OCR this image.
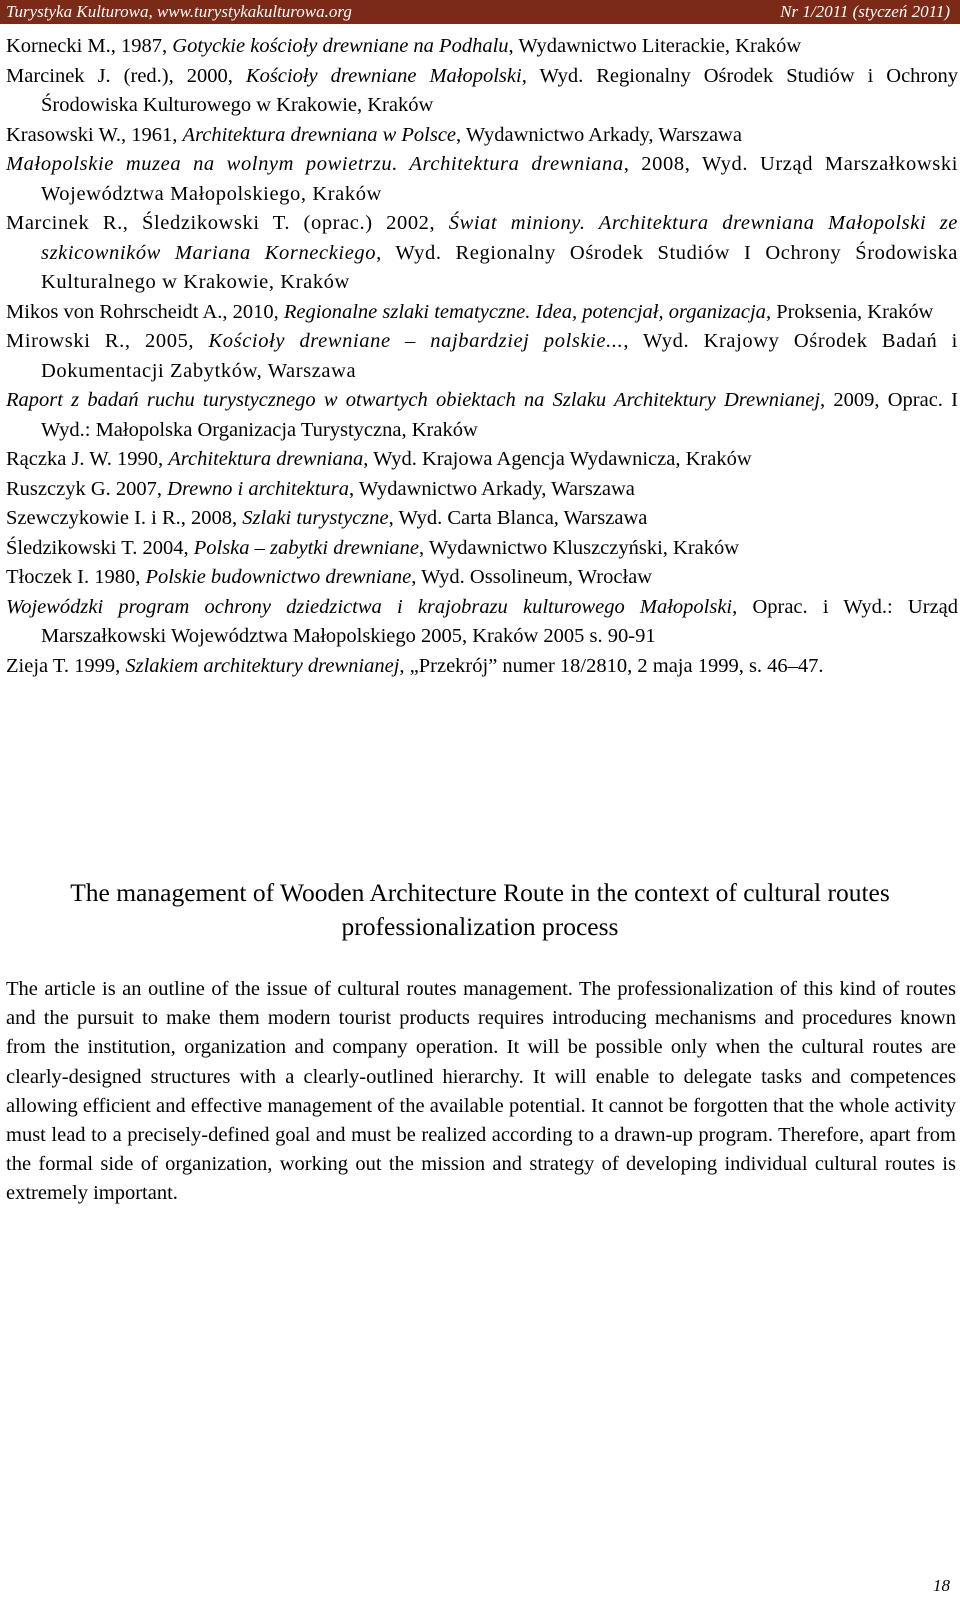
Turystyka Kulturowa, www.turystykakulturowa.org	Nr 1/2011 (styczeń 2011)
Kornecki M., 1987, Gotyckie kościoły drewniane na Podhalu, Wydawnictwo Literackie, Kraków
Marcinek J. (red.), 2000, Kościoły drewniane Małopolski, Wyd. Regionalny Ośrodek Studiów i Ochrony Środowiska Kulturowego w Krakowie, Kraków
Krasowski W., 1961, Architektura drewniana w Polsce, Wydawnictwo Arkady, Warszawa
Małopolskie muzea na wolnym powietrzu. Architektura drewniana, 2008, Wyd. Urząd Marszałkowski Województwa Małopolskiego, Kraków
Marcinek R., Śledzikowski T. (oprac.) 2002, Świat miniony. Architektura drewniana Małopolski ze szkicowników Mariana Korneckiego, Wyd. Regionalny Ośrodek Studiów I Ochrony Środowiska Kulturalnego w Krakowie, Kraków
Mikos von Rohrscheidt A., 2010, Regionalne szlaki tematyczne. Idea, potencjał, organizacja, Proksenia, Kraków
Mirowski R., 2005, Kościoły drewniane – najbardziej polskie..., Wyd. Krajowy Ośrodek Badań i Dokumentacji Zabytków, Warszawa
Raport z badań ruchu turystycznego w otwartych obiektach na Szlaku Architektury Drewnianej, 2009, Oprac. I Wyd.: Małopolska Organizacja Turystyczna, Kraków
Rączka J. W. 1990, Architektura drewniana, Wyd. Krajowa Agencja Wydawnicza, Kraków
Ruszczyk G. 2007, Drewno i architektura, Wydawnictwo Arkady, Warszawa
Szewczykowie I. i R., 2008, Szlaki turystyczne, Wyd. Carta Blanca, Warszawa
Śledzikowski T. 2004, Polska – zabytki drewniane, Wydawnictwo Kluszczyński, Kraków
Tłoczek I. 1980, Polskie budownictwo drewniane, Wyd. Ossolineum, Wrocław
Wojewódzki program ochrony dziedzictwa i krajobrazu kulturowego Małopolski, Oprac. i Wyd.: Urząd Marszałkowski Województwa Małopolskiego 2005, Kraków 2005 s. 90-91
Zieja T. 1999, Szlakiem architektury drewnianej, „Przekrój” numer 18/2810, 2 maja 1999, s. 46–47.
The management of Wooden Architecture Route in the context of cultural routes professionalization process

The article is an outline of the issue of cultural routes management. The professionalization of this kind of routes and the pursuit to make them modern tourist products requires introducing mechanisms and procedures known from the institution, organization and company operation. It will be possible only when the cultural routes are clearly-designed structures with a clearly-outlined hierarchy. It will enable to delegate tasks and competences allowing efficient and effective management of the available potential. It cannot be forgotten that the whole activity must lead to a precisely-defined goal and must be realized according to a drawn-up program. Therefore, apart from the formal side of organization, working out the mission and strategy of developing individual cultural routes is extremely important.

18
